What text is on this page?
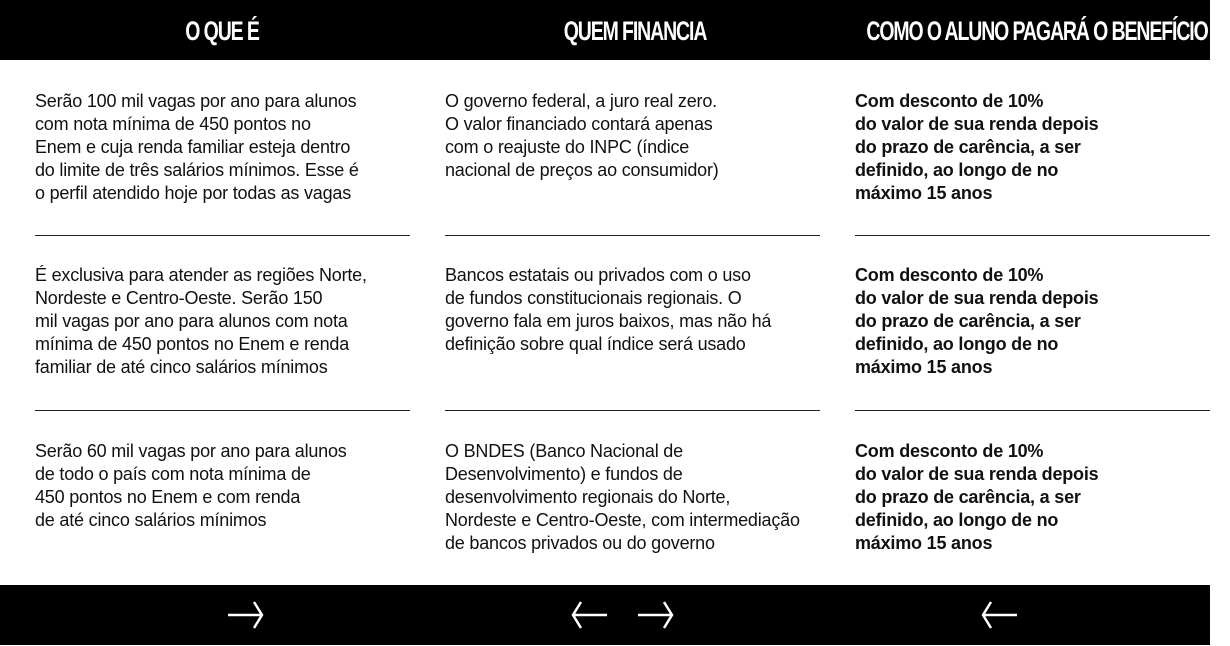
O QUE É	QUEM FINANCIA	COMO O ALUNO PAGARÁ O BENEFÍCIO
Serão 100 mil vagas por ano para alunos
com nota mínima de 450 pontos no
Enem e cuja renda familiar esteja dentro
do limite de três salários mínimos. Esse é
o perfil atendido hoje por todas as vagas
O governo federal, a juro real zero.
O valor financiado contará apenas
com o reajuste do INPC (índice
nacional de preços ao consumidor)
Com desconto de 10%
do valor de sua renda depois
do prazo de carência, a ser
definido, ao longo de no
máximo 15 anos
É exclusiva para atender as regiões Norte,
Nordeste e Centro-Oeste. Serão 150
mil vagas por ano para alunos com nota
mínima de 450 pontos no Enem e renda
familiar de até cinco salários mínimos
Bancos estatais ou privados com o uso
de fundos constitucionais regionais. O
governo fala em juros baixos, mas não há
definição sobre qual índice será usado
Com desconto de 10%
do valor de sua renda depois
do prazo de carência, a ser
definido, ao longo de no
máximo 15 anos
Serão 60 mil vagas por ano para alunos
de todo o país com nota mínima de
450 pontos no Enem e com renda
de até cinco salários mínimos
O BNDES (Banco Nacional de
Desenvolvimento) e fundos de
desenvolvimento regionais do Norte,
Nordeste e Centro-Oeste, com intermediação
de bancos privados ou do governo
Com desconto de 10%
do valor de sua renda depois
do prazo de carência, a ser
definido, ao longo de no
máximo 15 anos
